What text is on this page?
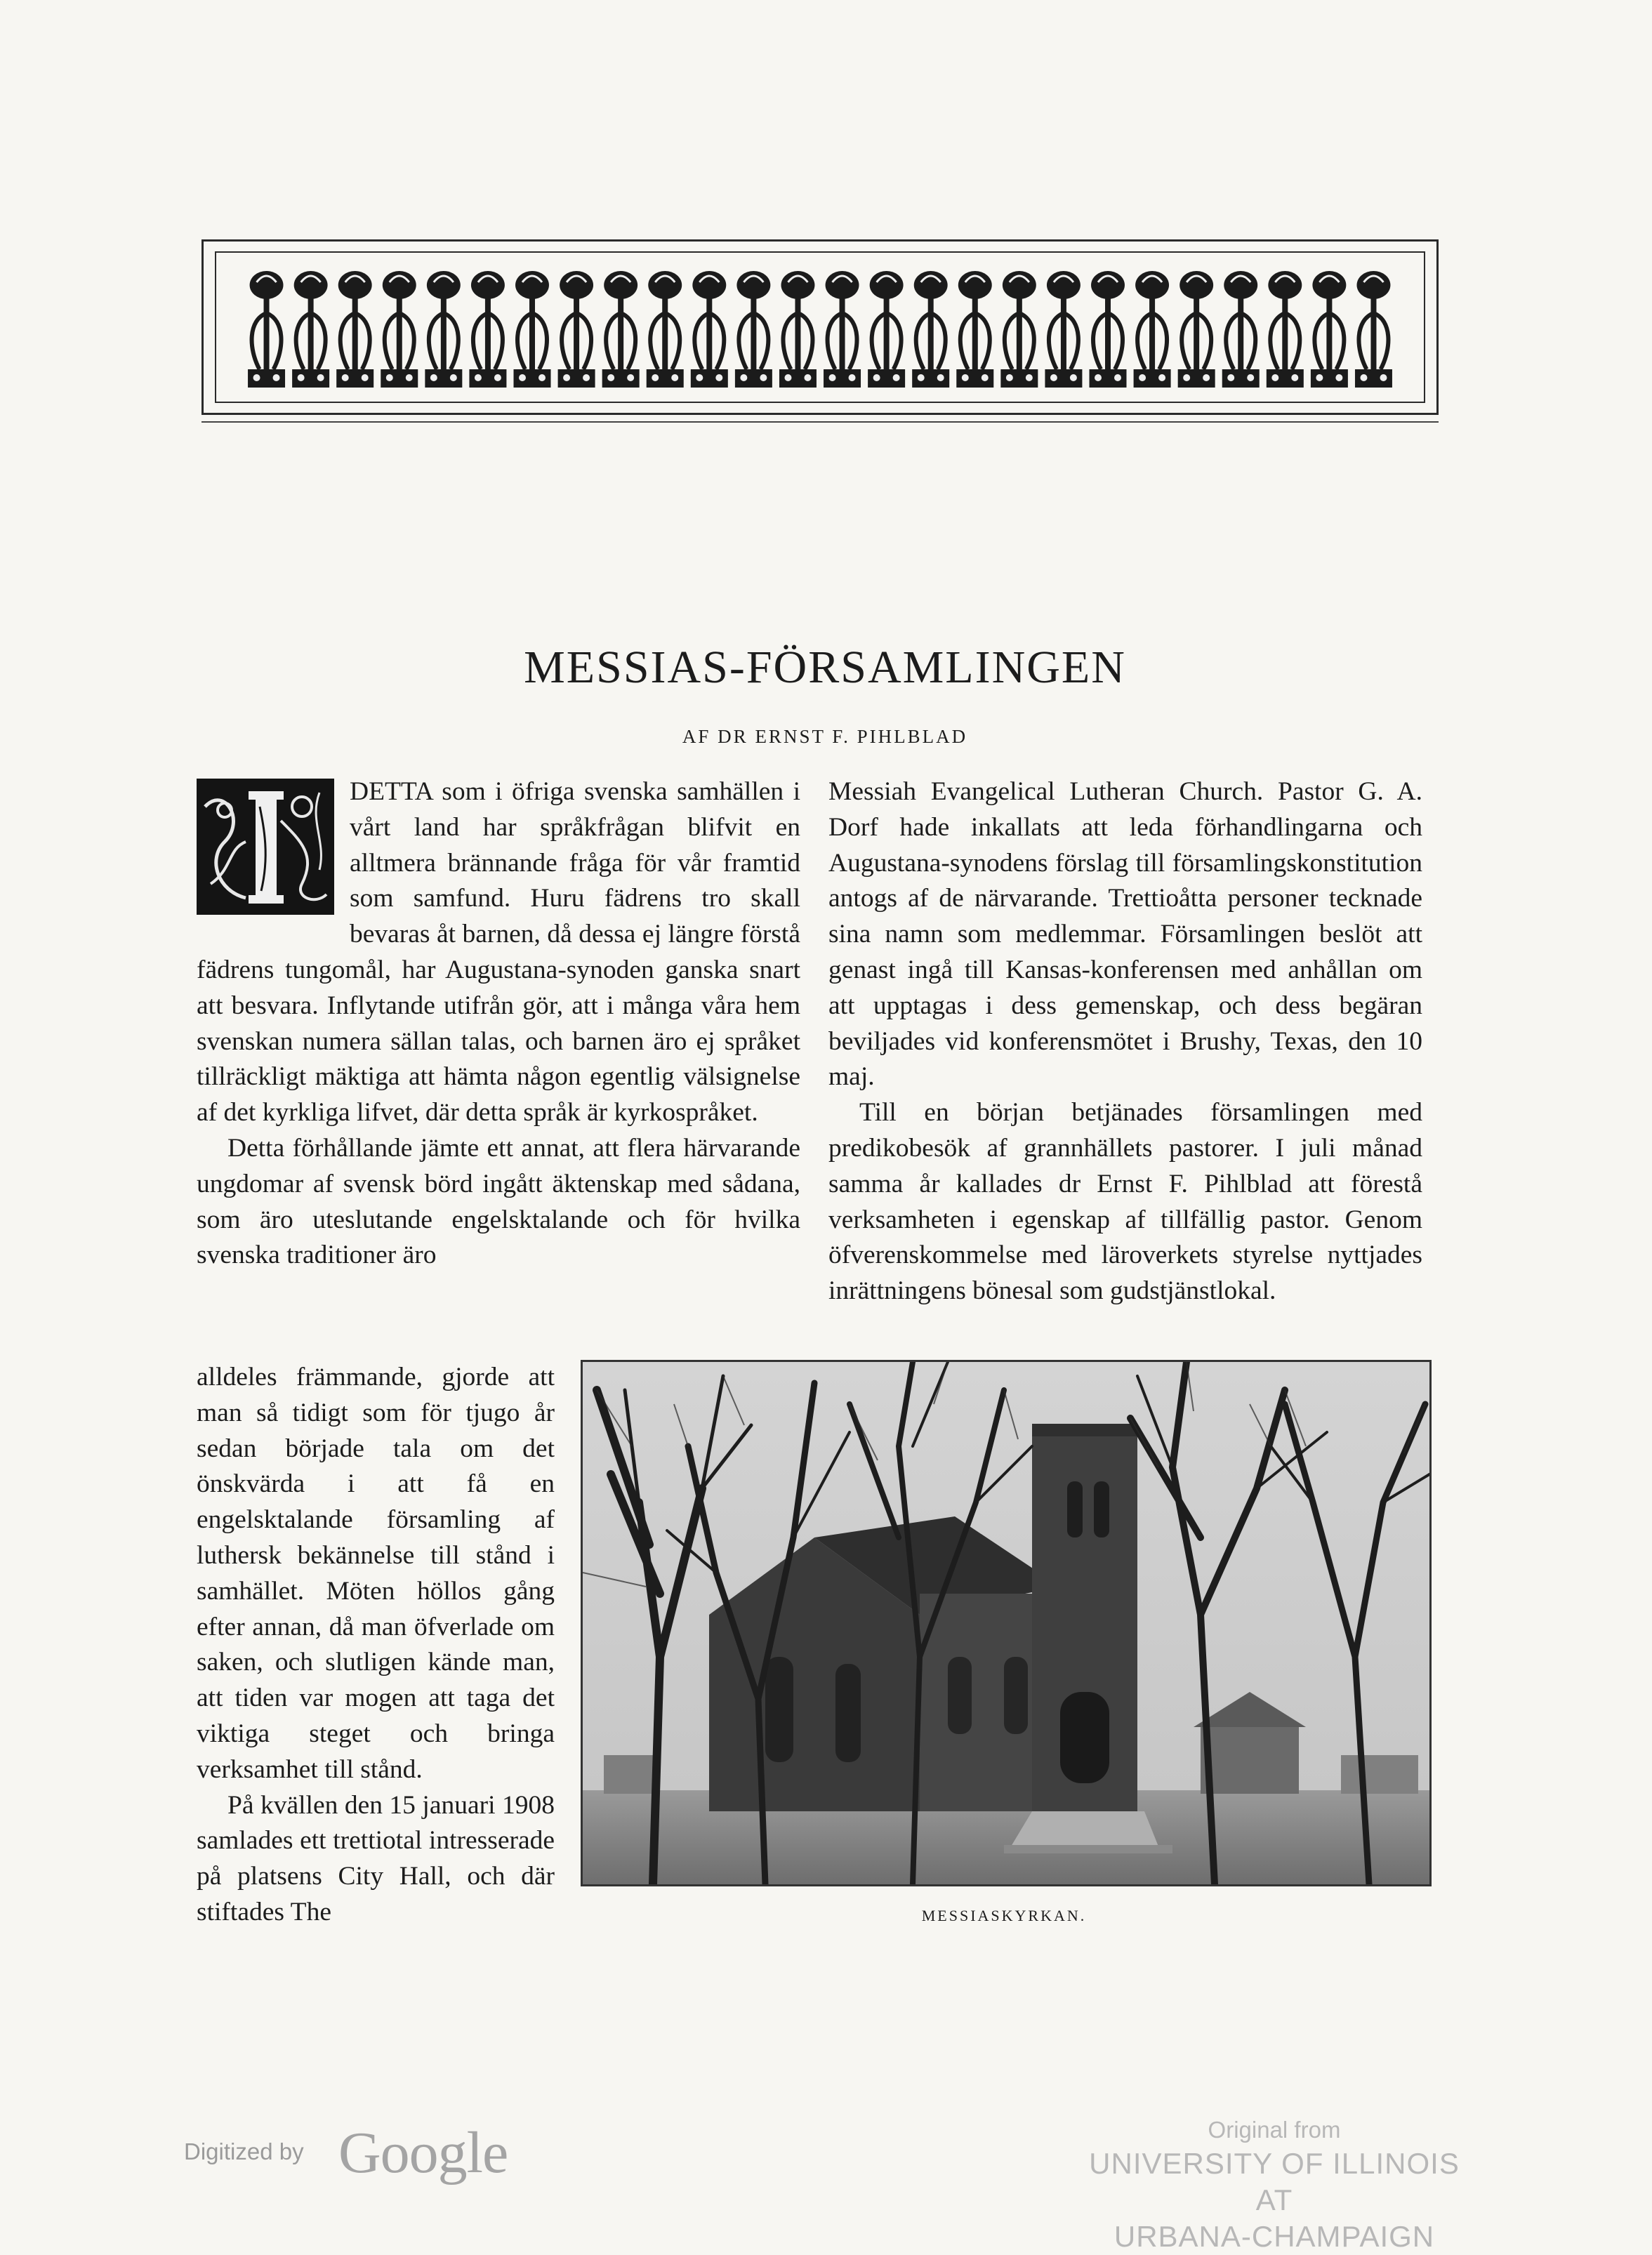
MESSIAS-FÖRSAMLINGEN
AF DR ERNST F. PIHLBLAD

DETTA som i öfriga svenska samhällen i vårt land har språkfrågan blifvit en alltmera brännande fråga för vår framtid som samfund. Huru fädrens tro skall bevaras åt barnen, då dessa ej längre förstå fädrens tungomål, har Augustana-synoden ganska snart att besvara. Inflytande utifrån gör, att i många våra hem svenskan numera sällan talas, och barnen äro ej språket tillräckligt mäktiga att hämta någon egentlig välsignelse af det kyrkliga lifvet, där detta språk är kyrkospråket.

Detta förhållande jämte ett annat, att flera härvarande ungdomar af svensk börd ingått äktenskap med sådana, som äro uteslutande engelsktalande och för hvilka svenska traditioner äro

alldeles främmande, gjorde att man så tidigt som för tjugo år sedan började tala om det önskvärda i att få en engelsktalande församling af luthersk bekännelse till stånd i samhället. Möten höllos gång efter annan, då man öfverlade om saken, och slutligen kände man, att tiden var mogen att taga det viktiga steget och bringa verksamhet till stånd.

På kvällen den 15 januari 1908 samlades ett trettiotal intresserade på platsens City Hall, och där stiftades The

Messiah Evangelical Lutheran Church. Pastor G. A. Dorf hade inkallats att leda förhandlingarna och Augustana-synodens förslag till församlingskonstitution antogs af de närvarande. Trettioåtta personer tecknade sina namn som medlemmar. Församlingen beslöt att genast ingå till Kansas-konferensen med anhållan om att upptagas i dess gemenskap, och dess begäran beviljades vid konferensmötet i Brushy, Texas, den 10 maj.

Till en början betjänades församlingen med predikobesök af grannhällets pastorer. I juli månad samma år kallades dr Ernst F. Pihlblad att förestå verksamheten i egenskap af tillfällig pastor. Genom öfverenskommelse med läroverkets styrelse nyttjades inrättningens bönesal som gudstjänstlokal.

MESSIASKYRKAN.
Digitized by Google	Original from
UNIVERSITY OF ILLINOIS AT
URBANA-CHAMPAIGN
